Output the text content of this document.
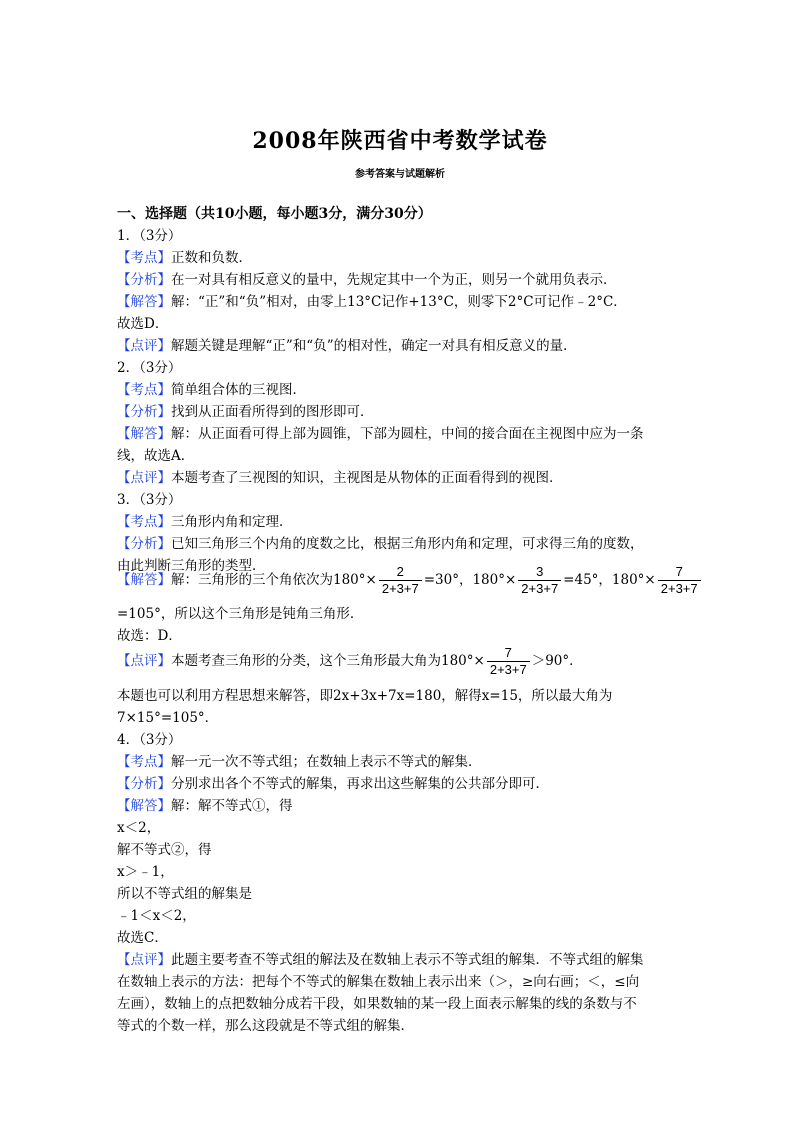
2008年陕西省中考数学试卷
参考答案与试题解析
一、选择题（共10小题，每小题3分，满分30分）
1．（3分）
【考点】正数和负数．
【分析】在一对具有相反意义的量中，先规定其中一个为正，则另一个就用负表示．
【解答】解：“正”和“负”相对，由零上13°C记作+13°C，则零下2°C可记作﹣2°C．
故选D．
【点评】解题关键是理解“正”和“负”的相对性，确定一对具有相反意义的量．
2．（3分）
【考点】简单组合体的三视图．
【分析】找到从正面看所得到的图形即可．
【解答】解：从正面看可得上部为圆锥，下部为圆柱，中间的接合面在主视图中应为一条
线，故选A．
【点评】本题考查了三视图的知识，主视图是从物体的正面看得到的视图．
3．（3分）
【考点】三角形内角和定理．
【分析】已知三角形三个内角的度数之比，根据三角形内角和定理，可求得三角的度数，
由此判断三角形的类型．
【解答】解：三角形的三个角依次为$180^\circ\times \frac{2}{2+3+7} =30^\circ$，$180^\circ\times \frac{3}{2+3+7} =45^\circ$，$180^\circ\times \frac{7}{2+3+7}$
=105°，所以这个三角形是钝角三角形．
故选：D．
【点评】本题考查三角形的分类，这个三角形最大角为$180^\circ\times \frac{7}{2+3+7} >90^\circ$．
本题也可以利用方程思想来解答，即2x+3x+7x=180，解得x=15，所以最大角为
7×15°=105°．
4．（3分）
【考点】解一元一次不等式组；在数轴上表示不等式的解集．
【分析】分别求出各个不等式的解集，再求出这些解集的公共部分即可．
【解答】解：解不等式①，得
x＜2，
解不等式②，得
x＞﹣1，
所以不等式组的解集是
﹣1＜x＜2，
故选C．
【点评】此题主要考查不等式组的解法及在数轴上表示不等式组的解集．不等式组的解集
在数轴上表示的方法：把每个不等式的解集在数轴上表示出来（＞，≥向右画；＜，≤向
左画），数轴上的点把数轴分成若干段，如果数轴的某一段上面表示解集的线的条数与不
等式的个数一样，那么这段就是不等式组的解集．
